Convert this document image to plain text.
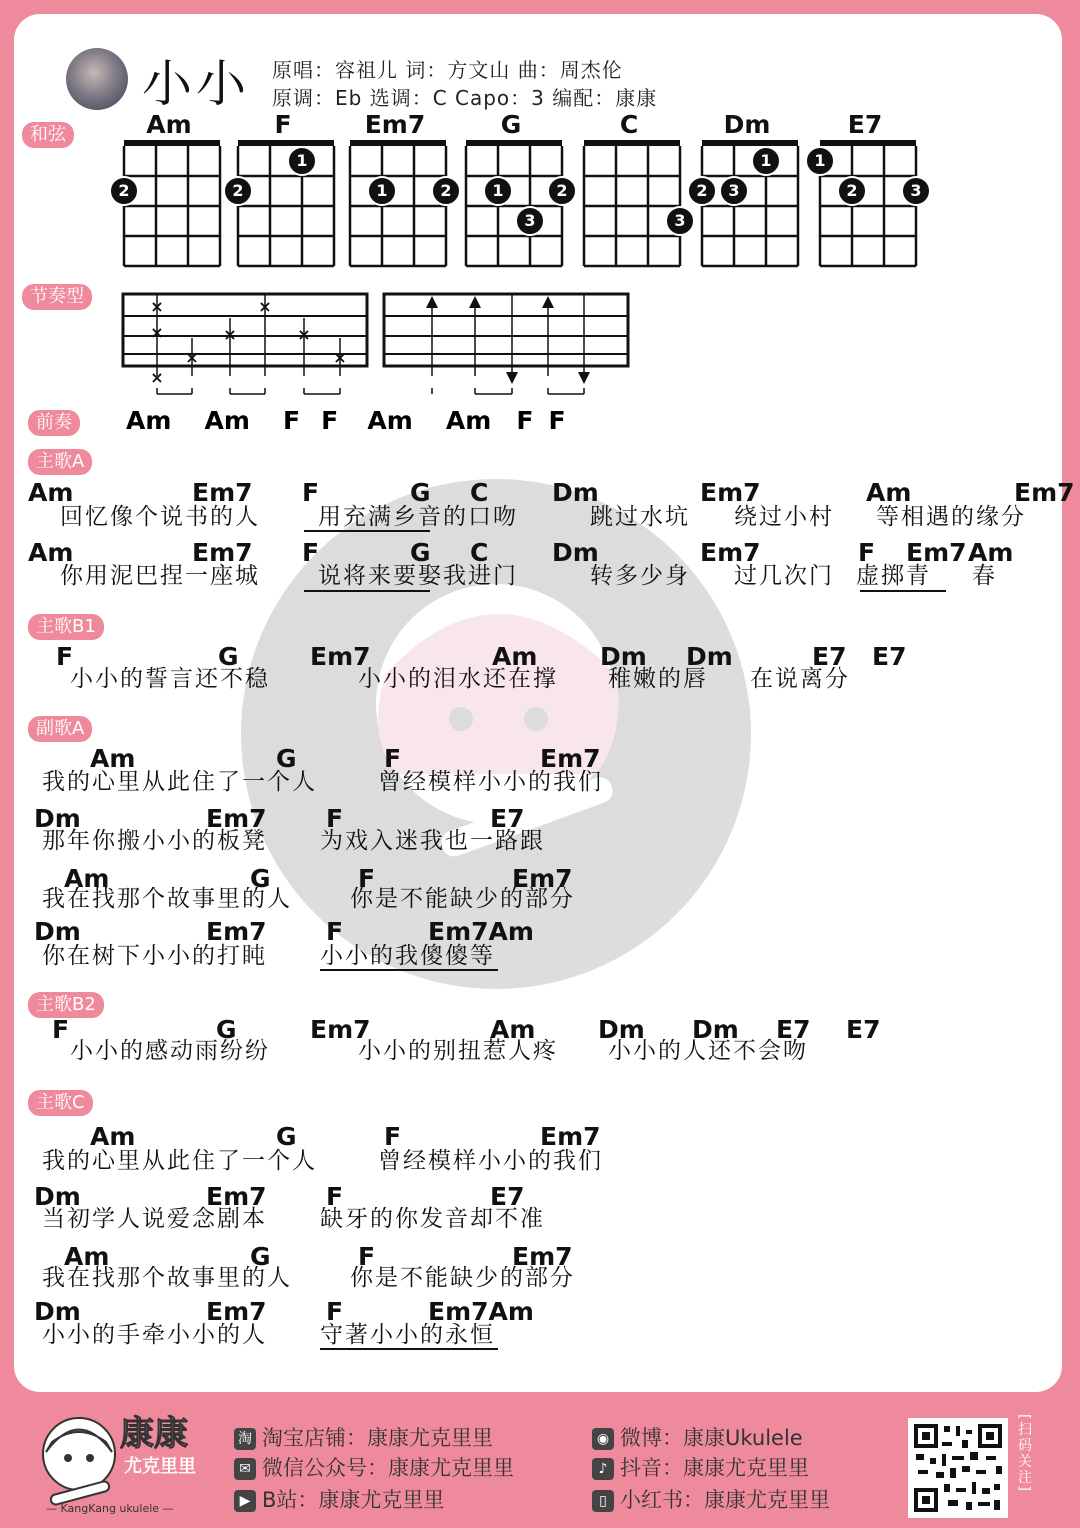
小小 原唱：容祖儿 词：方文山 曲：周杰伦
原调：Eb 选调：C Capo：3 编配：康康
和弦
节奏型
前奏
主歌A
主歌B1
副歌A
主歌B2
主歌C
Am
2
F
2
1
Em7
1	2
G
1	2
3
C
3
Dm
1
2	3
E7
1
2	3
×
×
×
×
×
×
×
×
Am Am F F Am Am F F
Am	Em7 F	G C	Dm	Em7	Am	Em7
回忆像个说书的人	用充满乡音的口吻	跳过水坑 绕过小村 等相遇的缘分
Am	Em7 F	G C	Dm	Em7	F Em7 Am
你用泥巴捏一座城	说将来要娶我进门	转多少身 过几次门 虚掷青 春
F	G	Em7	Am	Dm Dm	E7 E7
小小的誓言还不稳	小小的泪水还在撑 稚嫩的唇 在说离分
Am	G	F	Em7
我的心里从此住了一个人	曾经模样小小的我们
Dm	Em7 F	E7
那年你搬小小的板凳 为戏入迷我也一路跟
Am	G	F	Em7
我在找那个故事里的人	你是不能缺少的部分
Dm	Em7 F	Em7Am
你在树下小小的打盹 小小的我傻傻等
F	G	Em7	Am	Dm Dm E7 E7
小小的感动雨纷纷	小小的别扭惹人疼 小小的人还不会吻
Am	G	F	Em7
我的心里从此住了一个人	曾经模样小小的我们
Dm	Em7 F	E7
当初学人说爱念剧本 缺牙的你发音却不准
Am	G	F	Em7
我在找那个故事里的人	你是不能缺少的部分
Dm	Em7 F	Em7Am
小小的手牵小小的人 守著小小的永恒
康康
尤克里里
— KangKang ukulele —
淘 淘宝店铺：康康尤克里里
✉ 微信公众号：康康尤克里里
▶ B站：康康尤克里里
◉ 微博：康康Ukulele
♪ 抖音：康康尤克里里
▯ 小红书：康康尤克里里
[扫码关注]
